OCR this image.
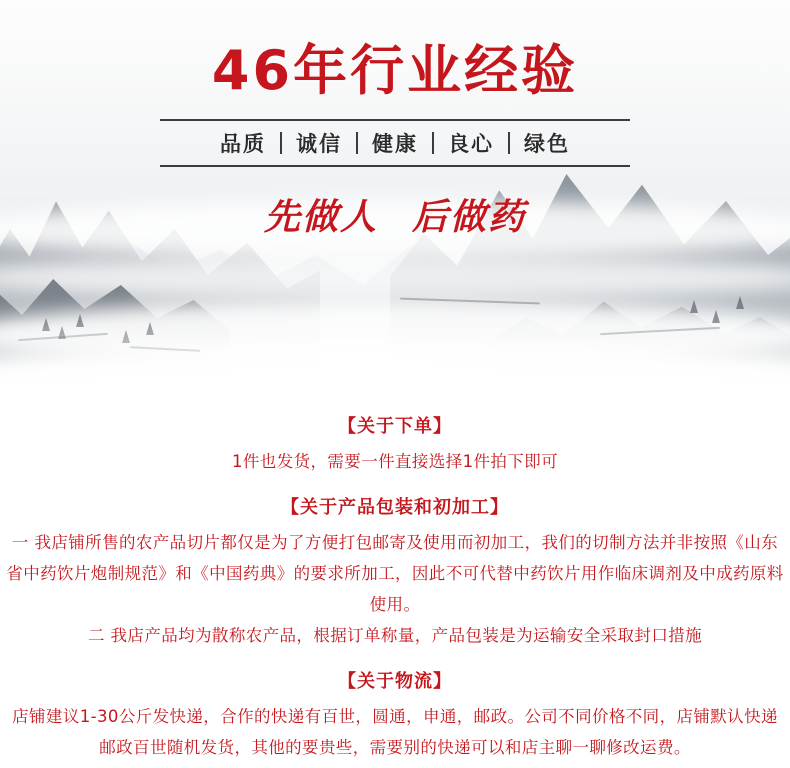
46年行业经验
品质	诚信	健康	良心	绿色
先做人 后做药
【关于下单】
1件也发货，需要一件直接选择1件拍下即可
【关于产品包装和初加工】
一 我店铺所售的农产品切片都仅是为了方便打包邮寄及使用而初加工，我们的切制方法并非按照《山东省中药饮片炮制规范》和《中国药典》的要求所加工，因此不可代替中药饮片用作临床调剂及中成药原料使用。
二 我店产品均为散称农产品，根据订单称量，产品包装是为运输安全采取封口措施
【关于物流】
店铺建议1-30公斤发快递，合作的快递有百世，圆通，申通，邮政。公司不同价格不同，店铺默认快递邮政百世随机发货，其他的要贵些，需要别的快递可以和店主聊一聊修改运费。
